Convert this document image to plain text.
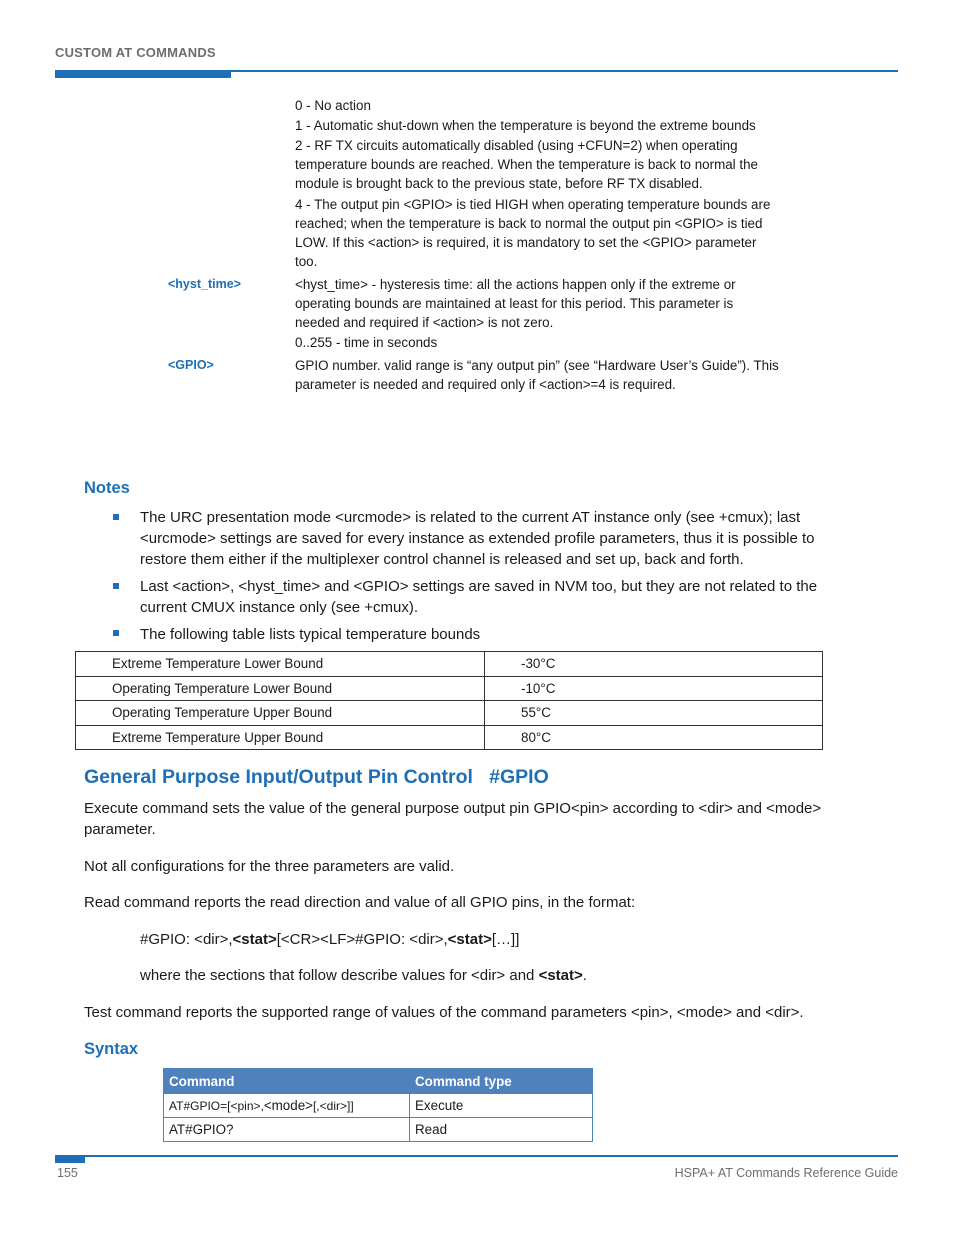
CUSTOM AT COMMANDS
0 - No action
1 - Automatic shut-down when the temperature is beyond the extreme bounds
2 - RF TX circuits automatically disabled (using +CFUN=2) when operating
temperature bounds are reached. When the temperature is back to normal the
module is brought back to the previous state, before RF TX disabled.
4 - The output pin <GPIO> is tied HIGH when operating temperature bounds are
reached; when the temperature is back to normal the output pin <GPIO> is tied
LOW. If this <action> is required, it is mandatory to set the <GPIO> parameter
too.
<hyst_time>	<hyst_time> - hysteresis time: all the actions happen only if the extreme or
operating bounds are maintained at least for this period. This parameter is
needed and required if <action> is not zero.
0..255 - time in seconds
<GPIO>	GPIO number. valid range is “any output pin” (see “Hardware User’s Guide”). This
parameter is needed and required only if <action>=4 is required.
Notes
The URC presentation mode <urcmode> is related to the current AT instance only (see +cmux); last
<urcmode> settings are saved for every instance as extended profile parameters, thus it is possible to
restore them either if the multiplexer control channel is released and set up, back and forth.
Last <action>, <hyst_time> and <GPIO> settings are saved in NVM too, but they are not related to the
current CMUX instance only (see +cmux).
The following table lists typical temperature bounds
Extreme Temperature Lower Bound	-30°C
Operating Temperature Lower Bound	-10°C
Operating Temperature Upper Bound	55°C
Extreme Temperature Upper Bound	80°C
General Purpose Input/Output Pin Control   #GPIO
Execute command sets the value of the general purpose output pin GPIO<pin> according to <dir> and <mode>
parameter.
Not all configurations for the three parameters are valid.
Read command reports the read direction and value of all GPIO pins, in the format:
#GPIO: <dir>,<stat>[<CR><LF>#GPIO: <dir>,<stat>[…]]
where the sections that follow describe values for <dir> and <stat>.
Test command reports the supported range of values of the command parameters <pin>, <mode> and <dir>.
Syntax
Command	Command type
AT#GPIO=[<pin>,<mode>[,<dir>]]	Execute
AT#GPIO?	Read
155	HSPA+ AT Commands Reference Guide
